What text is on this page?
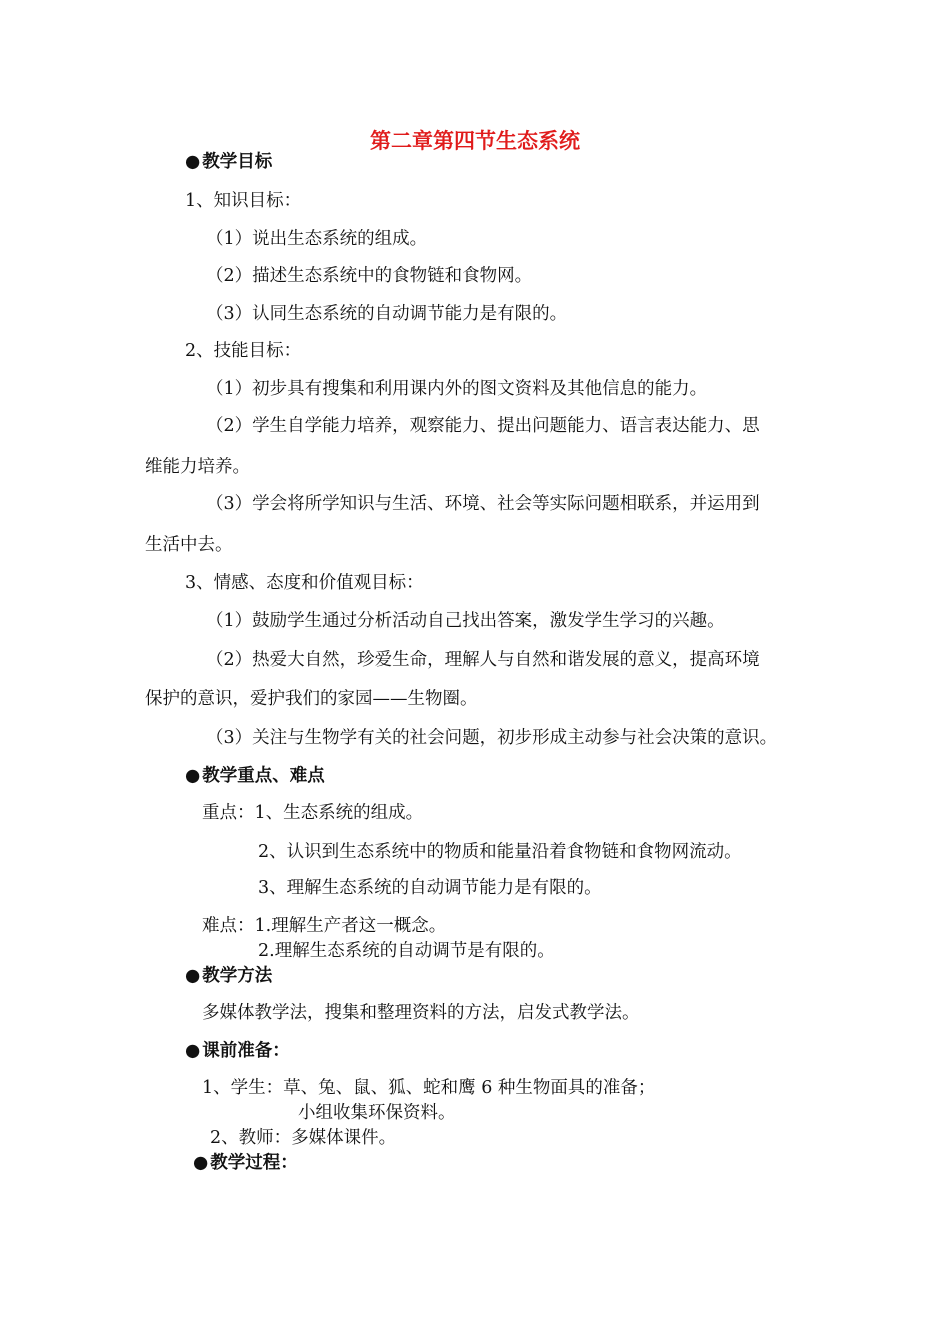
第二章第四节生态系统
● 教学目标
1、知识目标：
（1）说出生态系统的组成。
（2）描述生态系统中的食物链和食物网。
（3）认同生态系统的自动调节能力是有限的。
2、技能目标：
（1）初步具有搜集和利用课内外的图文资料及其他信息的能力。
（2）学生自学能力培养，观察能力、提出问题能力、语言表达能力、思
维能力培养。
（3）学会将所学知识与生活、环境、社会等实际问题相联系，并运用到
生活中去。
3、情感、态度和价值观目标：
（1）鼓励学生通过分析活动自己找出答案，激发学生学习的兴趣。
（2）热爱大自然，珍爱生命，理解人与自然和谐发展的意义，提高环境
保护的意识，爱护我们的家园——生物圈。
（3）关注与生物学有关的社会问题，初步形成主动参与社会决策的意识。
● 教学重点、难点
重点：1、生态系统的组成。
2、认识到生态系统中的物质和能量沿着食物链和食物网流动。
3、理解生态系统的自动调节能力是有限的。
难点：1.理解生产者这一概念。
2.理解生态系统的自动调节是有限的。
● 教学方法
多媒体教学法，搜集和整理资料的方法，启发式教学法。
● 课前准备：
1、学生：草、兔、鼠、狐、蛇和鹰 6 种生物面具的准备；
小组收集环保资料。
2、教师：多媒体课件。
● 教学过程：
